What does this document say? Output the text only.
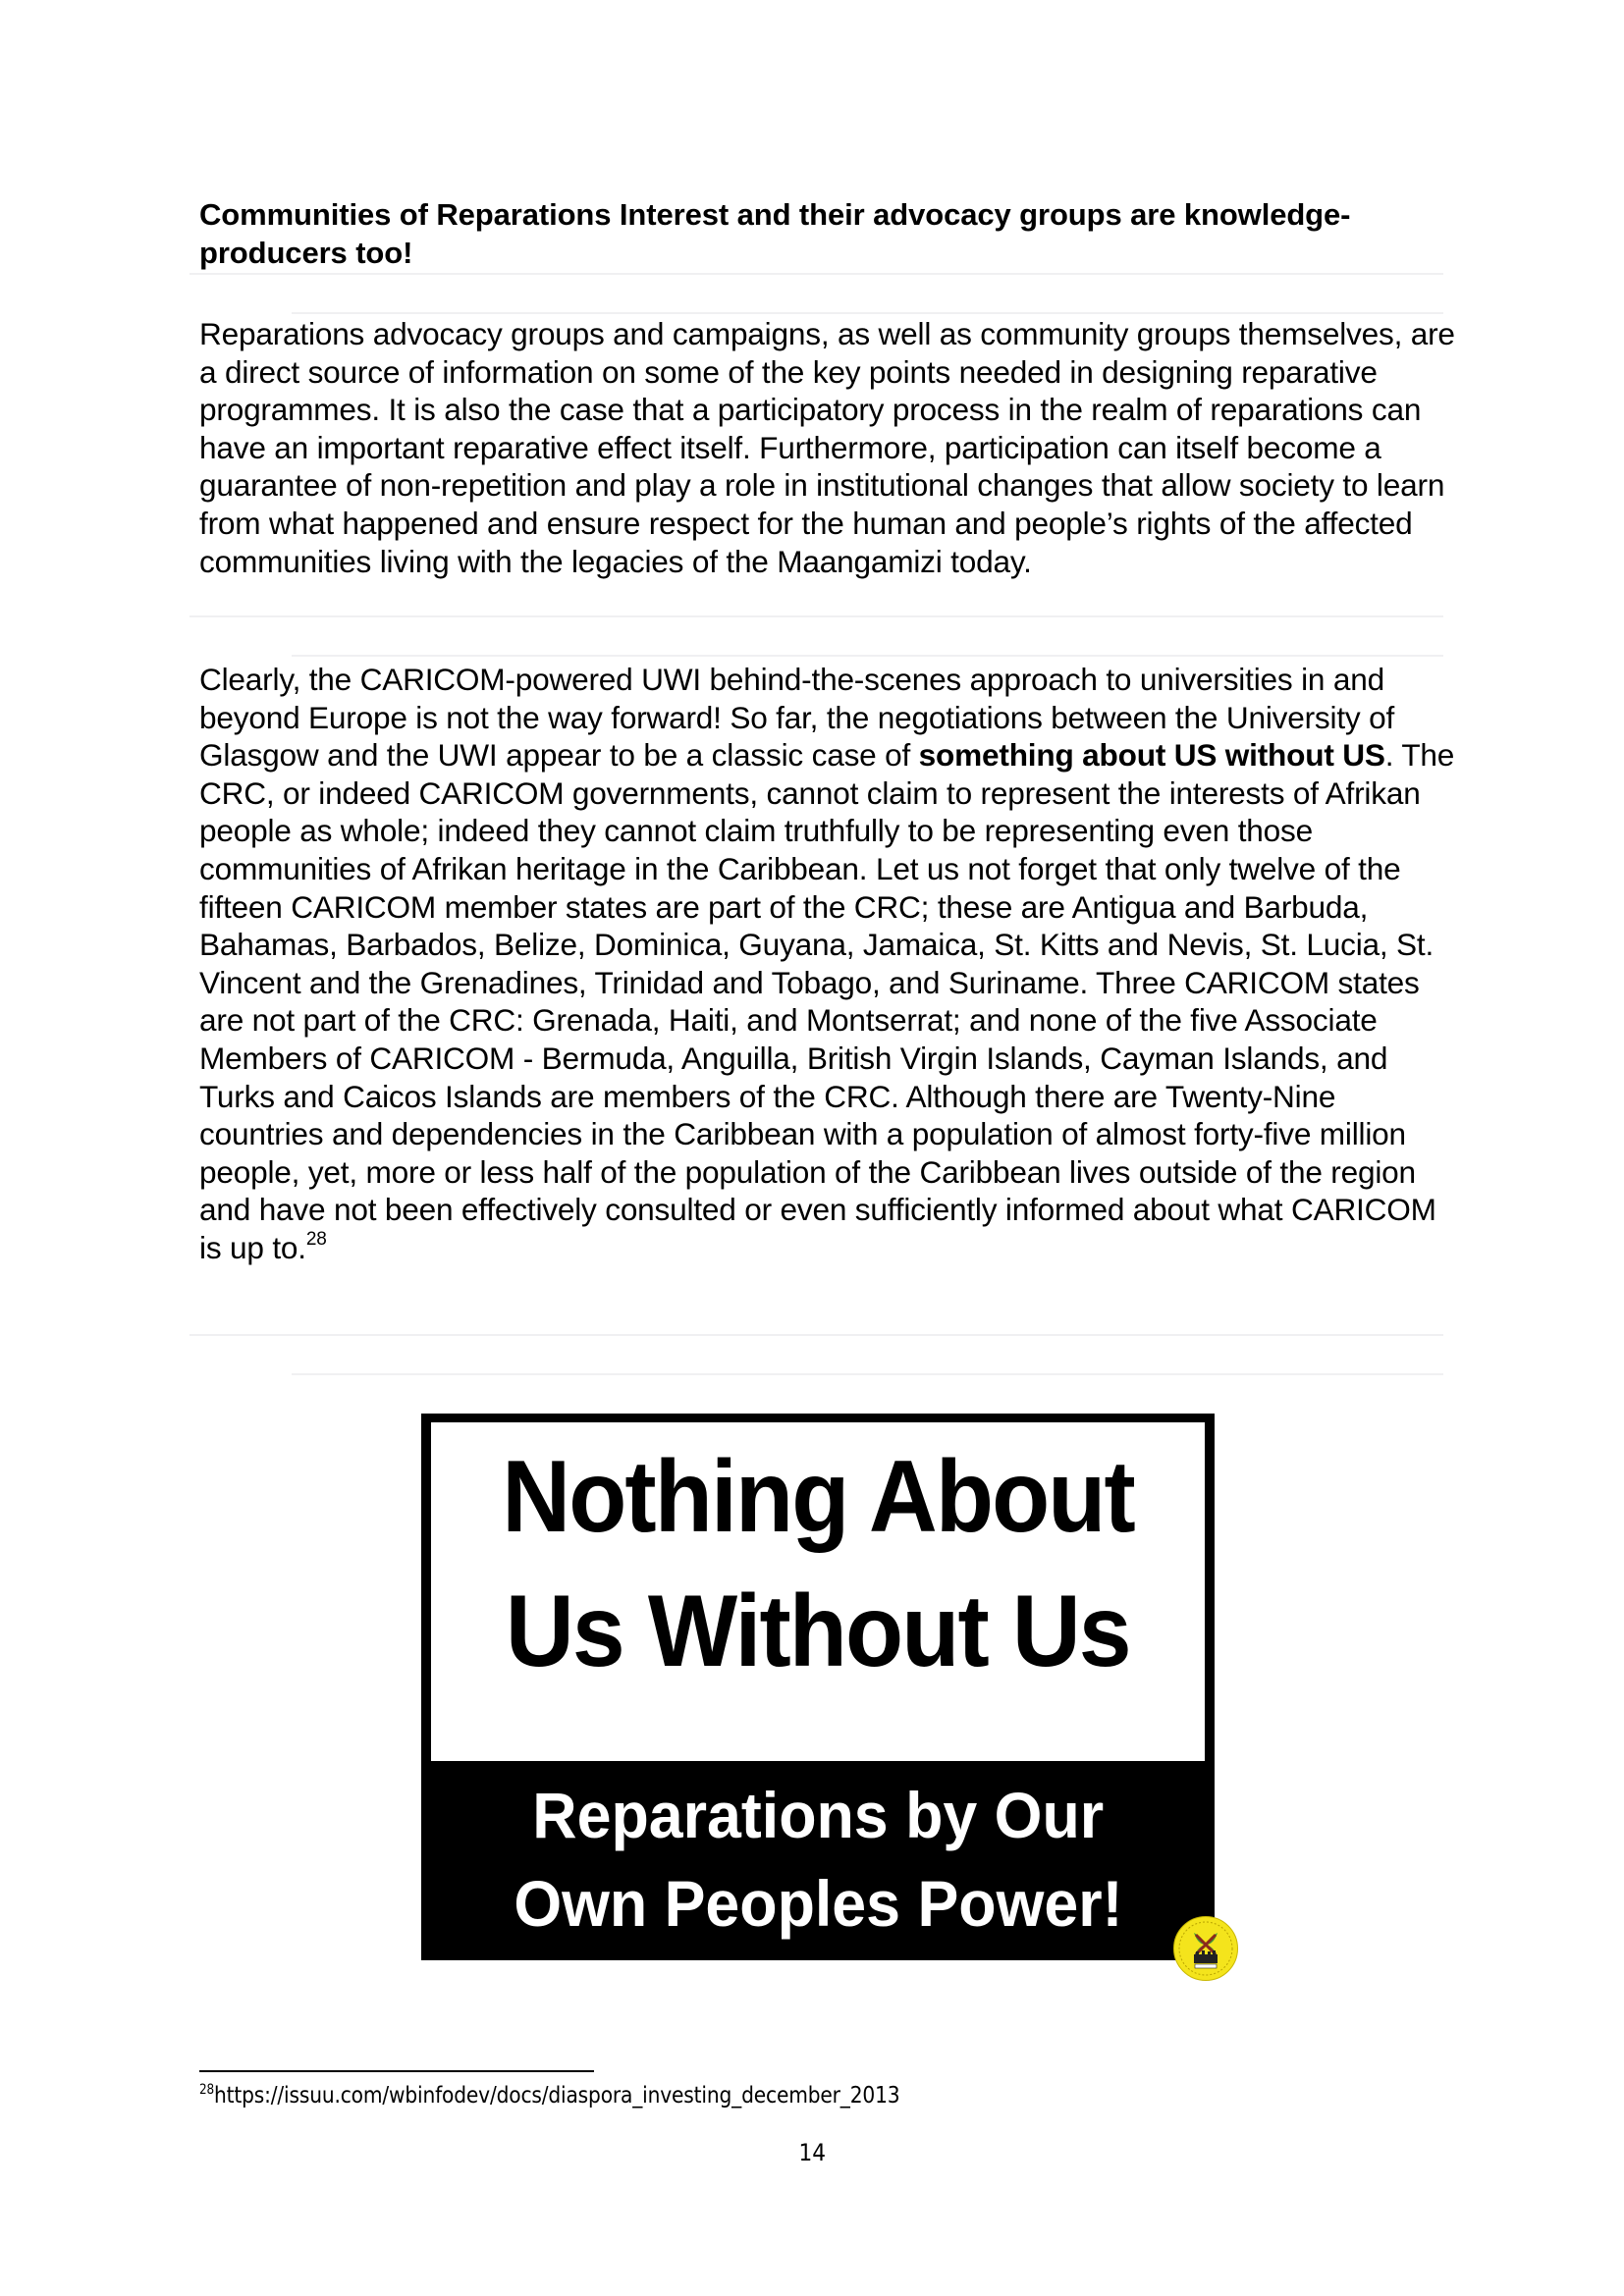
Communities of Reparations Interest and their advocacy groups are knowledge-producers too!
Reparations advocacy groups and campaigns, as well as community groups themselves, are a direct source of information on some of the key points needed in designing reparative programmes. It is also the case that a participatory process in the realm of reparations can have an important reparative effect itself. Furthermore, participation can itself become a guarantee of non-repetition and play a role in institutional changes that allow society to learn from what happened and ensure respect for the human and people’s rights of the affected communities living with the legacies of the Maangamizi today.
Clearly, the CARICOM-powered UWI behind-the-scenes approach to universities in and beyond Europe is not the way forward! So far, the negotiations between the University of Glasgow and the UWI appear to be a classic case of something about US without US. The CRC, or indeed CARICOM governments, cannot claim to represent the interests of Afrikan people as whole; indeed they cannot claim truthfully to be representing even those communities of Afrikan heritage in the Caribbean. Let us not forget that only twelve of the fifteen CARICOM member states are part of the CRC; these are Antigua and Barbuda, Bahamas, Barbados, Belize, Dominica, Guyana, Jamaica, St. Kitts and Nevis, St. Lucia, St. Vincent and the Grenadines, Trinidad and Tobago, and Suriname. Three CARICOM states are not part of the CRC: Grenada, Haiti, and Montserrat; and none of the five Associate Members of CARICOM - Bermuda, Anguilla, British Virgin Islands, Cayman Islands, and Turks and Caicos Islands are members of the CRC. Although there are Twenty-Nine countries and dependencies in the Caribbean with a population of almost forty-five million people, yet, more or less half of the population of the Caribbean lives outside of the region and have not been effectively consulted or even sufficiently informed about what CARICOM is up to.$^{28}$
Nothing About
Us Without Us
Reparations by Our
Own Peoples Power!
$^{28}$https://issuu.com/wbinfodev/docs/diaspora_investing_december_2013
14
